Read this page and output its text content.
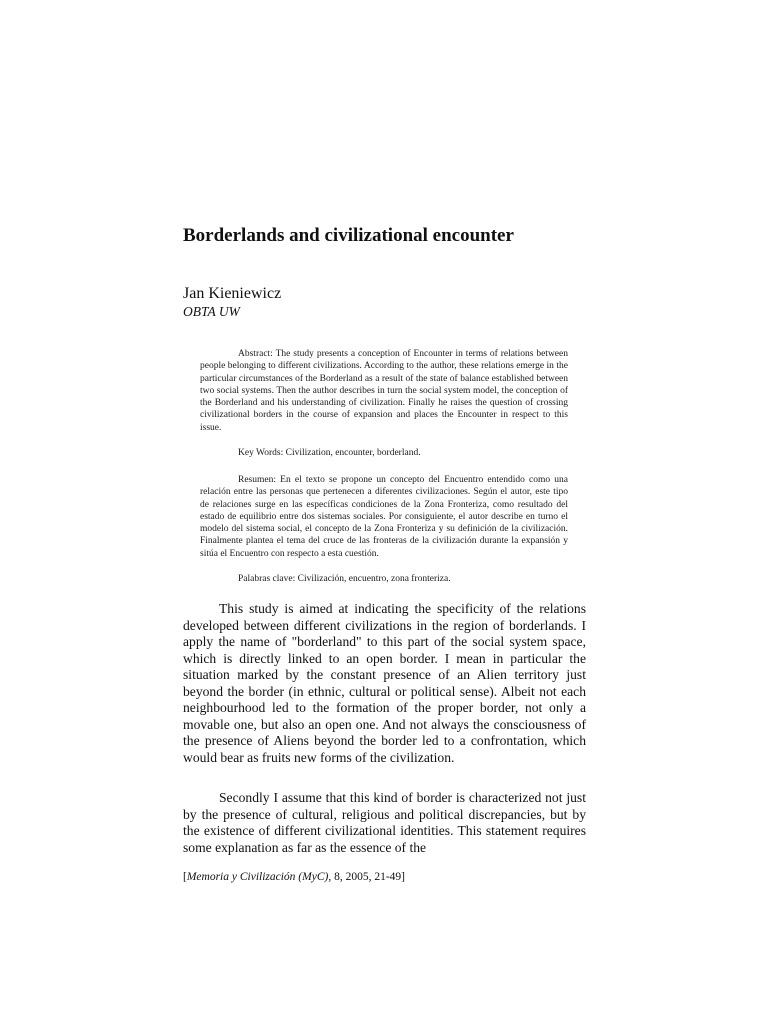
Borderlands and civilizational encounter
Jan Kieniewicz
OBTA UW

Abstract: The study presents a conception of Encounter in terms of relations between people belonging to different civilizations. According to the author, these relations emerge in the particular circumstances of the Borderland as a result of the state of balance established between two social systems. Then the author describes in turn the social system model, the conception of the Borderland and his understanding of civilization. Finally he raises the question of crossing civilizational borders in the course of expansion and places the Encounter in respect to this issue.

Key Words: Civilization, encounter, borderland.

Resumen: En el texto se propone un concepto del Encuentro entendido como una relación entre las personas que pertenecen a diferentes civilizaciones. Según el autor, este tipo de relaciones surge en las específicas condiciones de la Zona Fronteriza, como resultado del estado de equilibrio entre dos sistemas sociales. Por consiguiente, el autor describe en turno el modelo del sistema social, el concepto de la Zona Fronteriza y su definición de la civilización. Finalmente plantea el tema del cruce de las fronteras de la civilización durante la expansión y sitúa el Encuentro con respecto a esta cuestión.

Palabras clave: Civilización, encuentro, zona fronteriza.

This study is aimed at indicating the specificity of the relations developed between different civilizations in the region of borderlands. I apply the name of "borderland" to this part of the social system space, which is directly linked to an open border. I mean in particular the situation marked by the constant presence of an Alien territory just beyond the border (in ethnic, cultural or political sense). Albeit not each neighbourhood led to the formation of the proper border, not only a movable one, but also an open one. And not always the consciousness of the presence of Aliens beyond the border led to a confrontation, which would bear as fruits new forms of the civilization.

Secondly I assume that this kind of border is characterized not just by the presence of cultural, religious and political discrepancies, but by the existence of different civilizational identities. This statement requires some explanation as far as the essence of the

[Memoria y Civilización (MyC), 8, 2005, 21-49]
